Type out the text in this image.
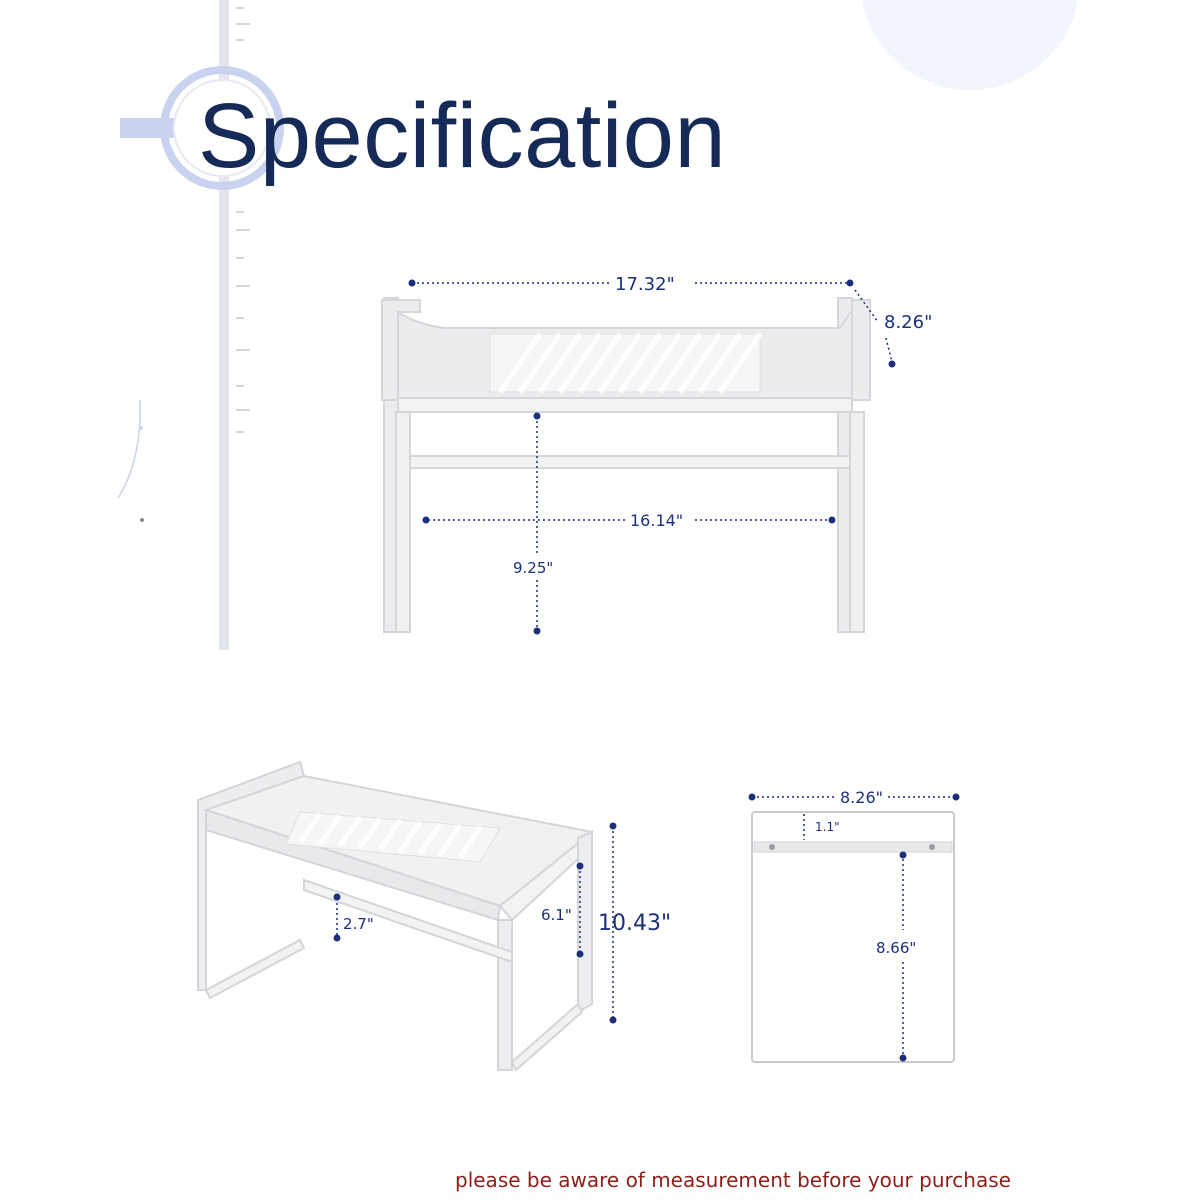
Specification
17.32"
8.26"
16.14"
9.25"
2.7"	6.1" 10.43"
8.26"
1.1"
8.66"
please be aware of measurement before your purchase
